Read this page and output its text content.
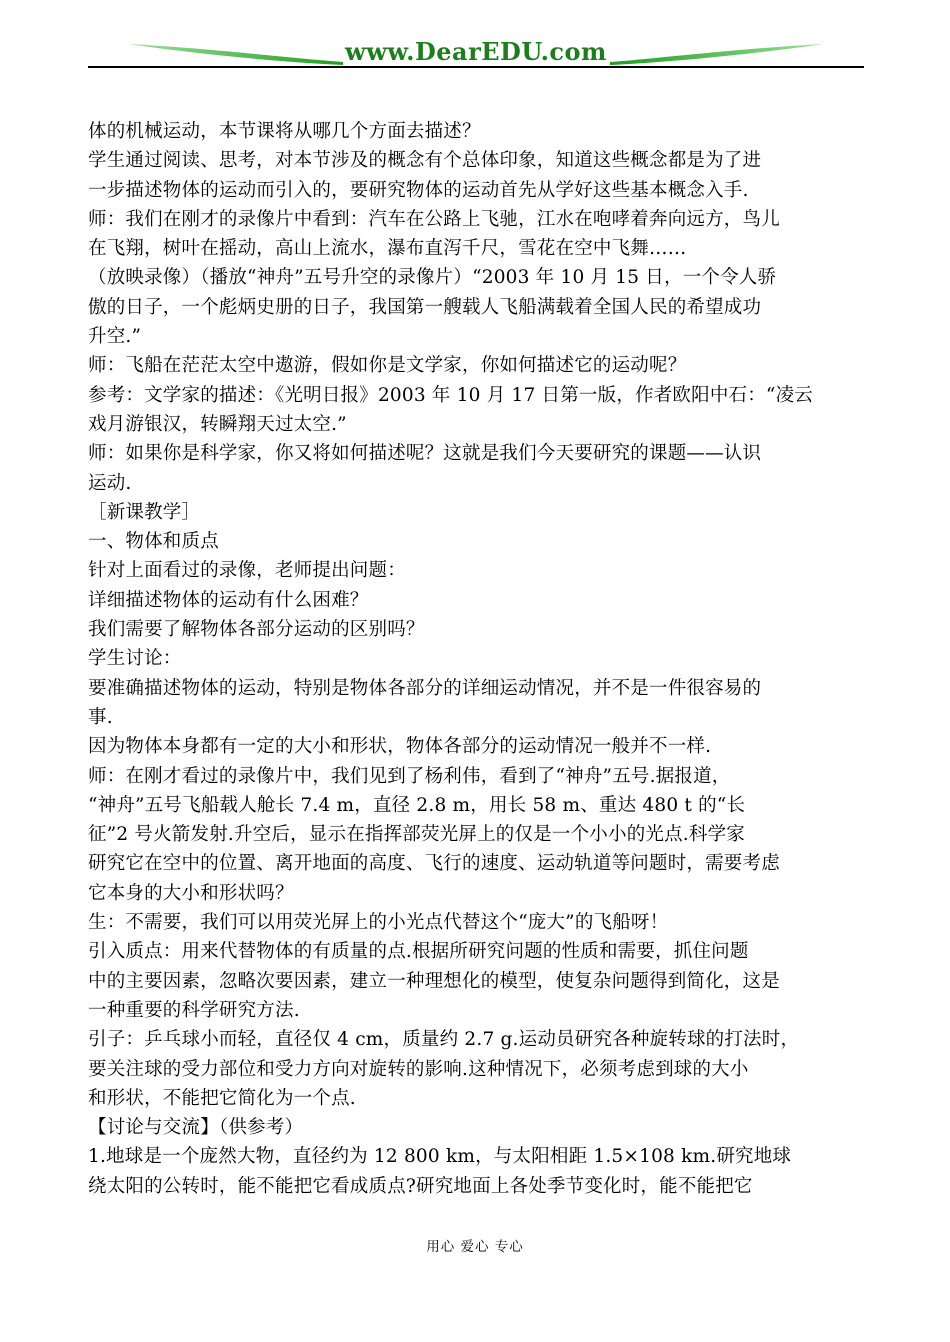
www.DearEDU.com
体的机械运动，本节课将从哪几个方面去描述？
学生通过阅读、思考，对本节涉及的概念有个总体印象，知道这些概念都是为了进
一步描述物体的运动而引入的，要研究物体的运动首先从学好这些基本概念入手.
师：我们在刚才的录像片中看到：汽车在公路上飞驰，江水在咆哮着奔向远方，鸟儿
在飞翔，树叶在摇动，高山上流水，瀑布直泻千尺，雪花在空中飞舞……
（放映录像）（播放“神舟”五号升空的录像片）“2003 年 10 月 15 日，一个令人骄
傲的日子，一个彪炳史册的日子，我国第一艘载人飞船满载着全国人民的希望成功
升空.”
师：飞船在茫茫太空中遨游，假如你是文学家，你如何描述它的运动呢？
参考：文学家的描述：《光明日报》2003 年 10 月 17 日第一版，作者欧阳中石：“凌云
戏月游银汉，转瞬翔天过太空.”
师：如果你是科学家，你又将如何描述呢？这就是我们今天要研究的课题——认识
运动.
［新课教学］
一、物体和质点
针对上面看过的录像，老师提出问题：
详细描述物体的运动有什么困难？
我们需要了解物体各部分运动的区别吗？
学生讨论：
要准确描述物体的运动，特别是物体各部分的详细运动情况，并不是一件很容易的
事.
因为物体本身都有一定的大小和形状，物体各部分的运动情况一般并不一样.
师：在刚才看过的录像片中，我们见到了杨利伟，看到了“神舟”五号.据报道，
“神舟”五号飞船载人舱长 7.4 m，直径 2.8 m，用长 58 m、重达 480 t 的“长
征”2 号火箭发射.升空后，显示在指挥部荧光屏上的仅是一个小小的光点.科学家
研究它在空中的位置、离开地面的高度、飞行的速度、运动轨道等问题时，需要考虑
它本身的大小和形状吗？
生：不需要，我们可以用荧光屏上的小光点代替这个“庞大”的飞船呀！
引入质点：用来代替物体的有质量的点.根据所研究问题的性质和需要，抓住问题
中的主要因素，忽略次要因素，建立一种理想化的模型，使复杂问题得到简化，这是
一种重要的科学研究方法.
引子：乒乓球小而轻，直径仅 4 cm，质量约 2.7 g.运动员研究各种旋转球的打法时，
要关注球的受力部位和受力方向对旋转的影响.这种情况下，必须考虑到球的大小
和形状，不能把它简化为一个点.
【讨论与交流】（供参考）
1.地球是一个庞然大物，直径约为 12 800 km，与太阳相距 1.5×108 km.研究地球
绕太阳的公转时，能不能把它看成质点?研究地面上各处季节变化时，能不能把它
用心 爱心 专心
